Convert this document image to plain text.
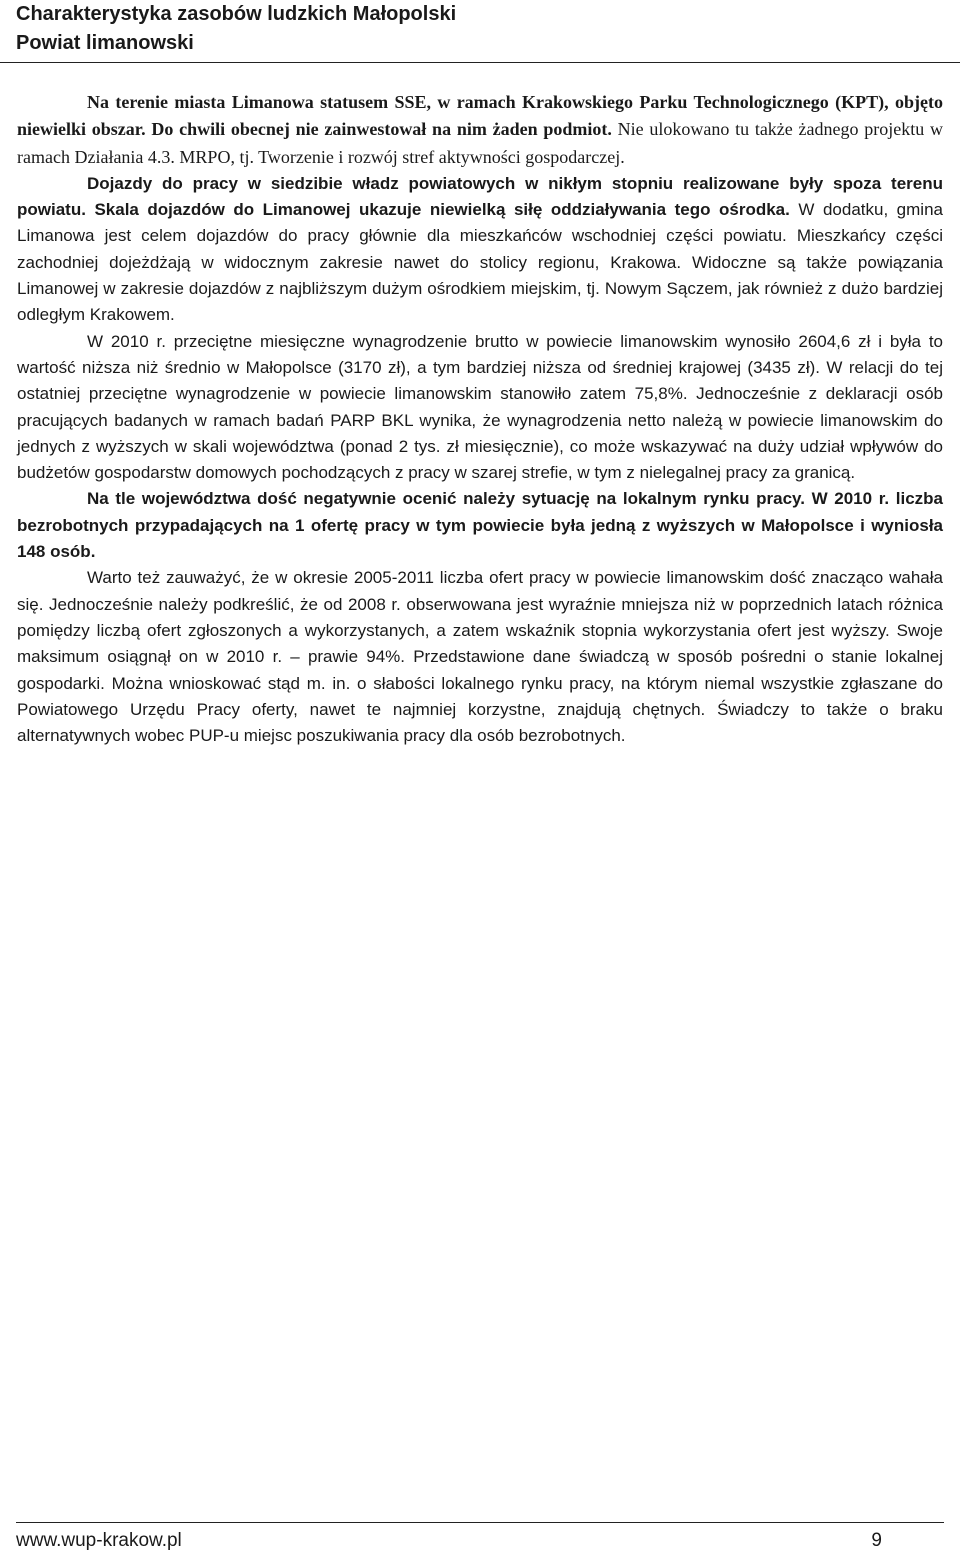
Charakterystyka zasobów ludzkich Małopolski
Powiat limanowski

Na terenie miasta Limanowa statusem SSE, w ramach Krakowskiego Parku Technologicznego (KPT), objęto niewielki obszar. Do chwili obecnej nie zainwestował na nim żaden podmiot. Nie ulokowano tu także żadnego projektu w ramach Działania 4.3. MRPO, tj. Tworzenie i rozwój stref aktywności gospodarczej.

Dojazdy do pracy w siedzibie władz powiatowych w nikłym stopniu realizowane były spoza terenu powiatu. Skala dojazdów do Limanowej ukazuje niewielką siłę oddziaływania tego ośrodka. W dodatku, gmina Limanowa jest celem dojazdów do pracy głównie dla mieszkańców wschodniej części powiatu. Mieszkańcy części zachodniej dojeżdżają w widocznym zakresie nawet do stolicy regionu, Krakowa. Widoczne są także powiązania Limanowej w zakresie dojazdów z najbliższym dużym ośrodkiem miejskim, tj. Nowym Sączem, jak również z dużo bardziej odległym Krakowem.

W 2010 r. przeciętne miesięczne wynagrodzenie brutto w powiecie limanowskim wynosiło 2604,6 zł i była to wartość niższa niż średnio w Małopolsce (3170 zł), a tym bardziej niższa od średniej krajowej (3435 zł). W relacji do tej ostatniej przeciętne wynagrodzenie w powiecie limanowskim stanowiło zatem 75,8%. Jednocześnie z deklaracji osób pracujących badanych w ramach badań PARP BKL wynika, że wynagrodzenia netto należą w powiecie limanowskim do jednych z wyższych w skali województwa (ponad 2 tys. zł miesięcznie), co może wskazywać na duży udział wpływów do budżetów gospodarstw domowych pochodzących z pracy w szarej strefie, w tym z nielegalnej pracy za granicą.

Na tle województwa dość negatywnie ocenić należy sytuację na lokalnym rynku pracy. W 2010 r. liczba bezrobotnych przypadających na 1 ofertę pracy w tym powiecie była jedną z wyższych w Małopolsce i wyniosła 148 osób.

Warto też zauważyć, że w okresie 2005-2011 liczba ofert pracy w powiecie limanowskim dość znacząco wahała się. Jednocześnie należy podkreślić, że od 2008 r. obserwowana jest wyraźnie mniejsza niż w poprzednich latach różnica pomiędzy liczbą ofert zgłoszonych a wykorzystanych, a zatem wskaźnik stopnia wykorzystania ofert jest wyższy. Swoje maksimum osiągnął on w 2010 r. – prawie 94%. Przedstawione dane świadczą w sposób pośredni o stanie lokalnej gospodarki. Można wnioskować stąd m. in. o słabości lokalnego rynku pracy, na którym niemal wszystkie zgłaszane do Powiatowego Urzędu Pracy oferty, nawet te najmniej korzystne, znajdują chętnych. Świadczy to także o braku alternatywnych wobec PUP-u miejsc poszukiwania pracy dla osób bezrobotnych.

www.wup-krakow.pl	9
